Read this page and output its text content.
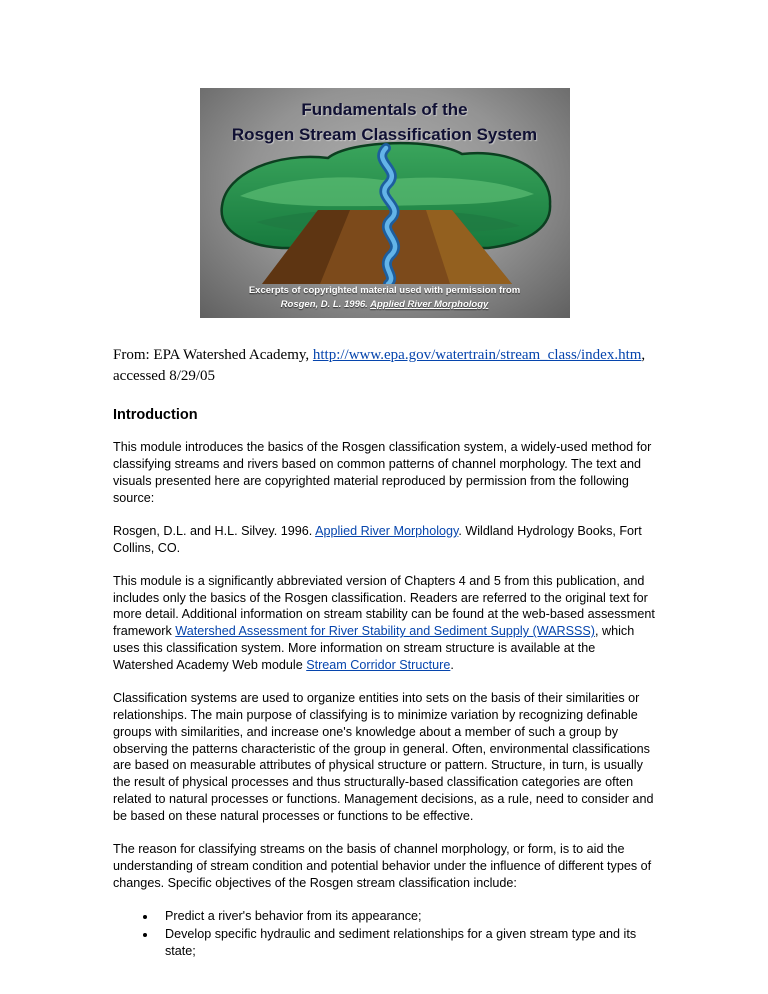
Fundamentals of the
Rosgen Stream Classification System
Excerpts of copyrighted material used with permission from
Rosgen, D. L. 1996. Applied River Morphology
From: EPA Watershed Academy, http://www.epa.gov/watertrain/stream_class/index.htm,
accessed 8/29/05
Introduction
This module introduces the basics of the Rosgen classification system, a widely-used method for classifying streams and rivers based on common patterns of channel morphology. The text and visuals presented here are copyrighted material reproduced by permission from the following source:
Rosgen, D.L. and H.L. Silvey. 1996. Applied River Morphology. Wildland Hydrology Books, Fort Collins, CO.
This module is a significantly abbreviated version of Chapters 4 and 5 from this publication, and includes only the basics of the Rosgen classification. Readers are referred to the original text for more detail. Additional information on stream stability can be found at the web-based assessment framework Watershed Assessment for River Stability and Sediment Supply (WARSSS), which uses this classification system. More information on stream structure is available at the Watershed Academy Web module Stream Corridor Structure.
Classification systems are used to organize entities into sets on the basis of their similarities or relationships. The main purpose of classifying is to minimize variation by recognizing definable groups with similarities, and increase one's knowledge about a member of such a group by observing the patterns characteristic of the group in general. Often, environmental classifications are based on measurable attributes of physical structure or pattern. Structure, in turn, is usually the result of physical processes and thus structurally-based classification categories are often related to natural processes or functions. Management decisions, as a rule, need to consider and be based on these natural processes or functions to be effective.
The reason for classifying streams on the basis of channel morphology, or form, is to aid the understanding of stream condition and potential behavior under the influence of different types of changes. Specific objectives of the Rosgen stream classification include:
• Predict a river's behavior from its appearance;
• Develop specific hydraulic and sediment relationships for a given stream type and its state;
